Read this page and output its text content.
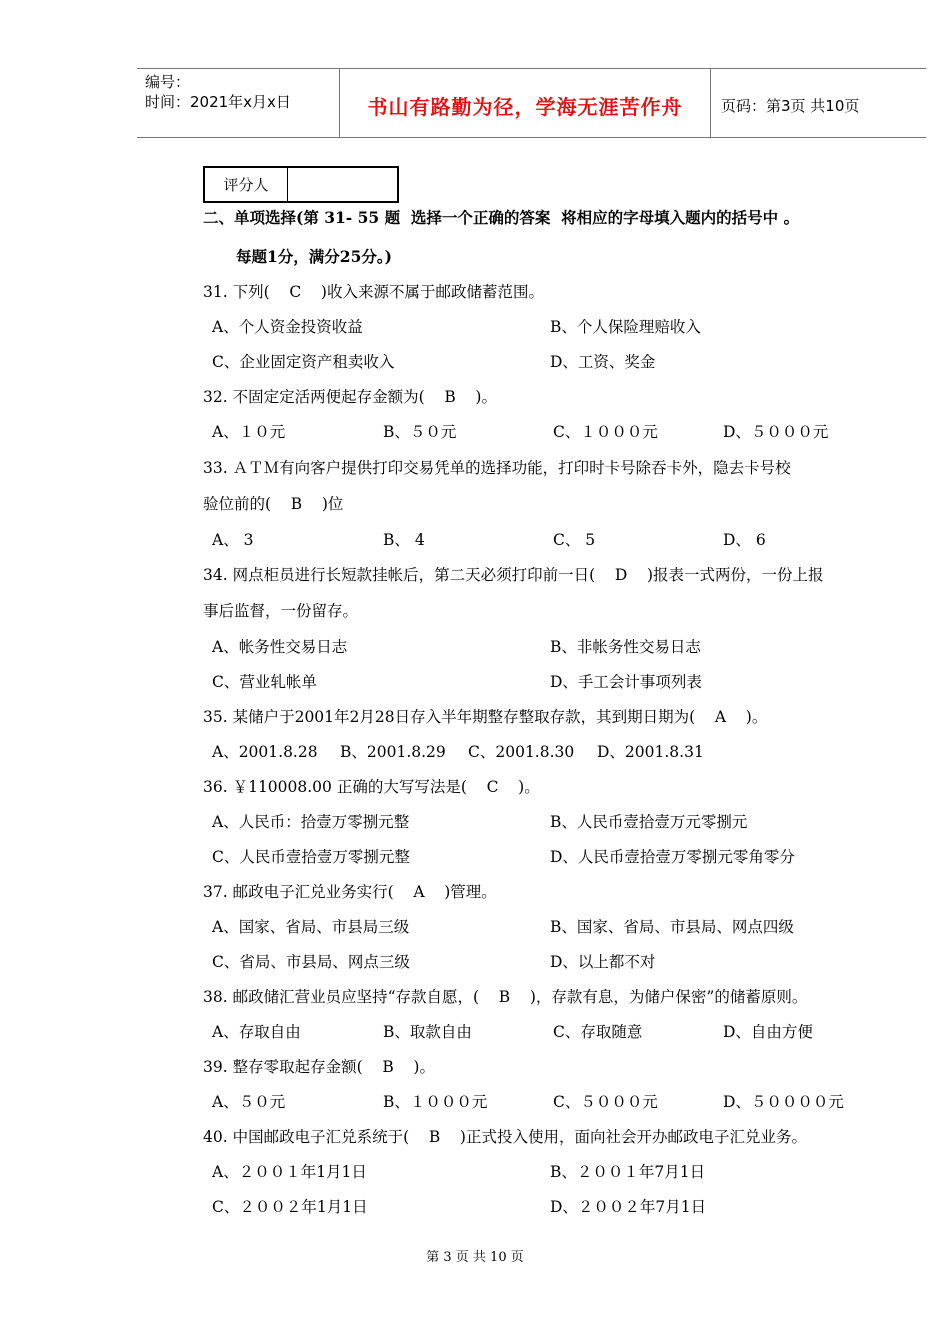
编号：
时间：2021年x月x日	书山有路勤为径，学海无涯苦作舟	页码：第3页 共10页
评分人
二、单项选择(第 31- 55 题  选择一个正确的答案  将相应的字母填入题内的括号中 。
每题1分，满分25分。)
31. 下列(    C    )收入来源不属于邮政储蓄范围。
A、个人资金投资收益	B、个人保险理赔收入
C、企业固定资产租卖收入	D、工资、奖金
32. 不固定定活两便起存金额为(    B    )。
A、１０元	B、５０元	C、１０００元	D、５０００元
33. ＡＴＭ有向客户提供打印交易凭单的选择功能，打印时卡号除吞卡外，隐去卡号校
验位前的(    B    )位
A、 3	B、 4	C、 5	D、 6
34. 网点柜员进行长短款挂帐后，第二天必须打印前一日(    D    )报表一式两份，一份上报
事后监督，一份留存。
A、帐务性交易日志	B、非帐务性交易日志
C、营业轧帐单	D、手工会计事项列表
35. 某储户于2001年2月28日存入半年期整存整取存款，其到期日期为(    A    )。
A、2001.8.28 B、2001.8.29 C、2001.8.30 D、2001.8.31
36. ￥110008.00 正确的大写写法是(    C    )。
A、人民币：拾壹万零捌元整	B、人民币壹拾壹万元零捌元
C、人民币壹拾壹万零捌元整	D、人民币壹拾壹万零捌元零角零分
37. 邮政电子汇兑业务实行(    A    )管理。
A、国家、省局、市县局三级	B、国家、省局、市县局、网点四级
C、省局、市县局、网点三级	D、以上都不对
38. 邮政储汇营业员应坚持“存款自愿，(    B    )，存款有息，为储户保密”的储蓄原则。
A、存取自由	B、取款自由	C、存取随意	D、自由方便
39. 整存零取起存金额(    B    )。
A、５０元	B、１０００元	C、５０００元	D、５００００元
40. 中国邮政电子汇兑系统于(    B    )正式投入使用，面向社会开办邮政电子汇兑业务。
A、２００１年1月1日	B、２００１年7月1日
C、２００２年1月1日	D、２００２年7月1日
第 3 页 共 10 页
